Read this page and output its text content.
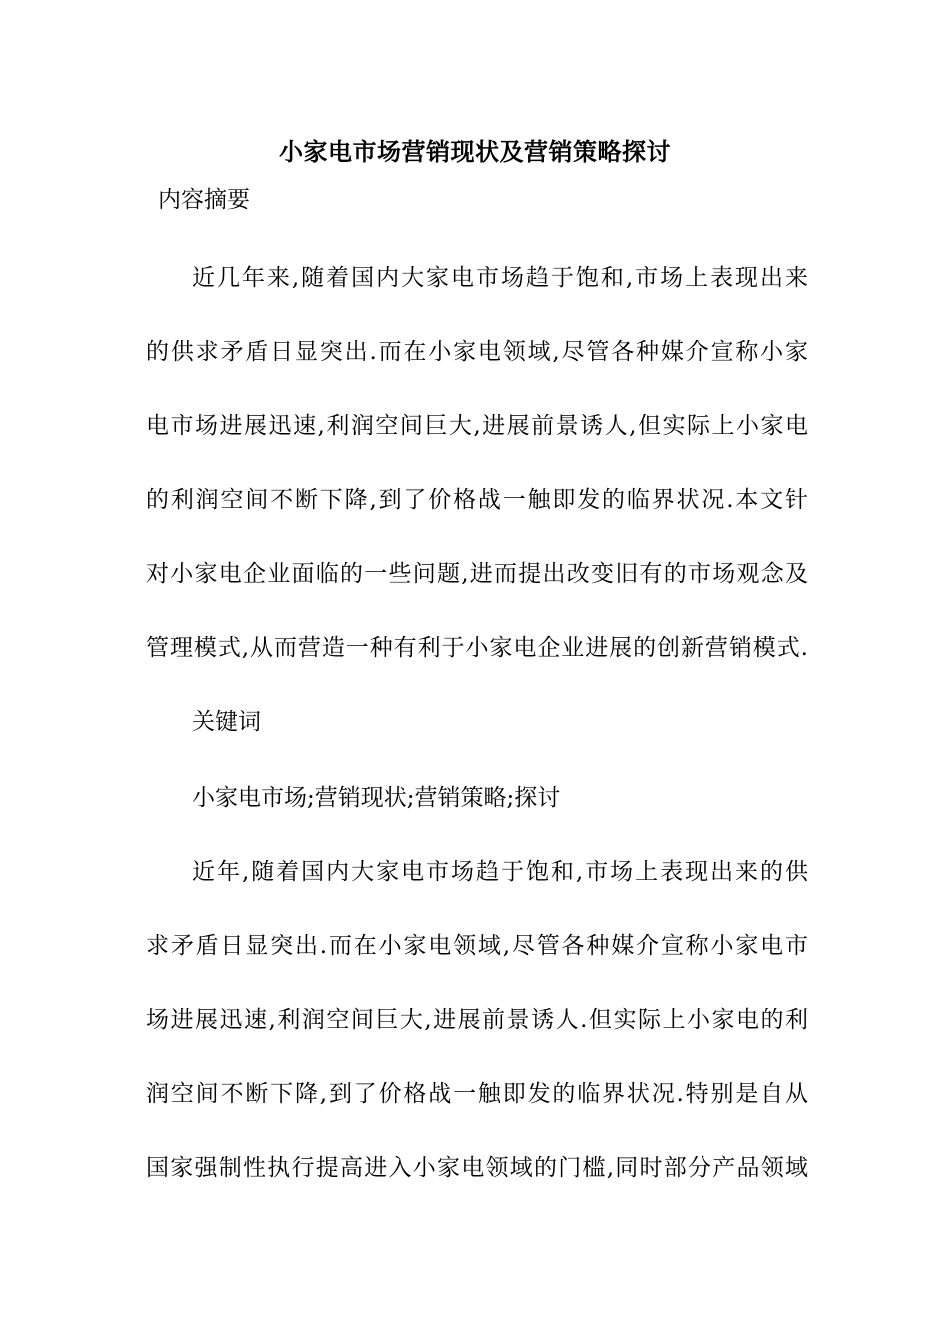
小家电市场营销现状及营销策略探讨
内容摘要
近几年来,随着国内大家电市场趋于饱和,市场上表现出来
的供求矛盾日显突出.而在小家电领域,尽管各种媒介宣称小家
电市场进展迅速,利润空间巨大,进展前景诱人,但实际上小家电
的利润空间不断下降,到了价格战一触即发的临界状况.本文针
对小家电企业面临的一些问题,进而提出改变旧有的市场观念及
管理模式,从而营造一种有利于小家电企业进展的创新营销模式.
关键词
小家电市场;营销现状;营销策略;探讨
近年,随着国内大家电市场趋于饱和,市场上表现出来的供
求矛盾日显突出.而在小家电领域,尽管各种媒介宣称小家电市
场进展迅速,利润空间巨大,进展前景诱人.但实际上小家电的利
润空间不断下降,到了价格战一触即发的临界状况.特别是自从
国家强制性执行提高进入小家电领域的门槛,同时部分产品领域
